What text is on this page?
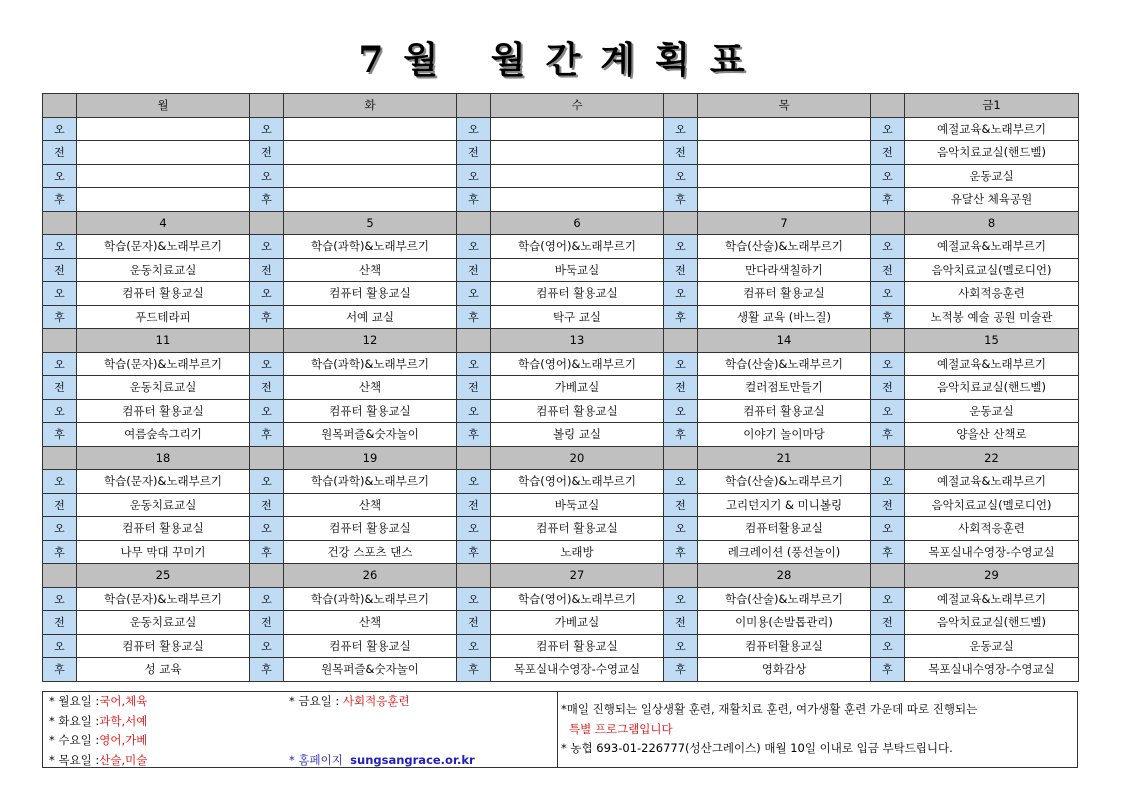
7월 월간계획표
	월		화		수		목		금1
오		오		오		오		오	예절교육&노래부르기
전		전		전		전		전	음악치료교실(핸드벨)
오		오		오		오		오	운동교실
후		후		후		후		후	유달산 체육공원
	4		5		6		7		8
오	학습(문자)&노래부르기	오	학습(과학)&노래부르기	오	학습(영어)&노래부르기	오	학습(산술)&노래부르기	오	예절교육&노래부르기
전	운동치료교실	전	산책	전	바둑교실	전	만다라색칠하기	전	음악치료교실(멜로디언)
오	컴퓨터 활용교실	오	컴퓨터 활용교실	오	컴퓨터 활용교실	오	컴퓨터 활용교실	오	사회적응훈련
후	푸드테라피	후	서예 교실	후	탁구 교실	후	생활 교육 (바느질)	후	노적봉 예술 공원 미술관
	11		12		13		14		15
오	학습(문자)&노래부르기	오	학습(과학)&노래부르기	오	학습(영어)&노래부르기	오	학습(산술)&노래부르기	오	예절교육&노래부르기
전	운동치료교실	전	산책	전	가베교실	전	컬러점토만들기	전	음악치료교실(핸드벨)
오	컴퓨터 활용교실	오	컴퓨터 활용교실	오	컴퓨터 활용교실	오	컴퓨터 활용교실	오	운동교실
후	여름숲속그리기	후	원목퍼즐&숫자놀이	후	볼링 교실	후	이야기 놀이마당	후	양을산 산책로
	18		19		20		21		22
오	학습(문자)&노래부르기	오	학습(과학)&노래부르기	오	학습(영어)&노래부르기	오	학습(산술)&노래부르기	오	예절교육&노래부르기
전	운동치료교실	전	산책	전	바둑교실	전	고리던지기 & 미니볼링	전	음악치료교실(멜로디언)
오	컴퓨터 활용교실	오	컴퓨터 활용교실	오	컴퓨터 활용교실	오	컴퓨터활용교실	오	사회적응훈련
후	나무 막대 꾸미기	후	건강 스포츠 댄스	후	노래방	후	레크레이션 (풍선놀이)	후	목포실내수영장-수영교실
	25		26		27		28		29
오	학습(문자)&노래부르기	오	학습(과학)&노래부르기	오	학습(영어)&노래부르기	오	학습(산술)&노래부르기	오	예절교육&노래부르기
전	운동치료교실	전	산책	전	가베교실	전	이미용(손발톱관리)	전	음악치료교실(핸드벨)
오	컴퓨터 활용교실	오	컴퓨터 활용교실	오	컴퓨터 활용교실	오	컴퓨터활용교실	오	운동교실
후	성 교육	후	원목퍼즐&숫자놀이	후	목포실내수영장-수영교실	후	영화감상	후	목포실내수영장-수영교실
* 월요일 :국어,체육
* 화요일 :과학,서예
* 수요일 :영어,가베
* 목요일 :산술,미술
* 금요일 : 사회적응훈련

* 홈페이지 sungsangrace.or.kr
*매일 진행되는 일상생활 훈련, 재활치료 훈련, 여가생활 훈련 가운데 따로 진행되는
특별 프로그램입니다
* 농협 693-01-226777(성산그레이스) 매월 10일 이내로 입금 부탁드립니다.
